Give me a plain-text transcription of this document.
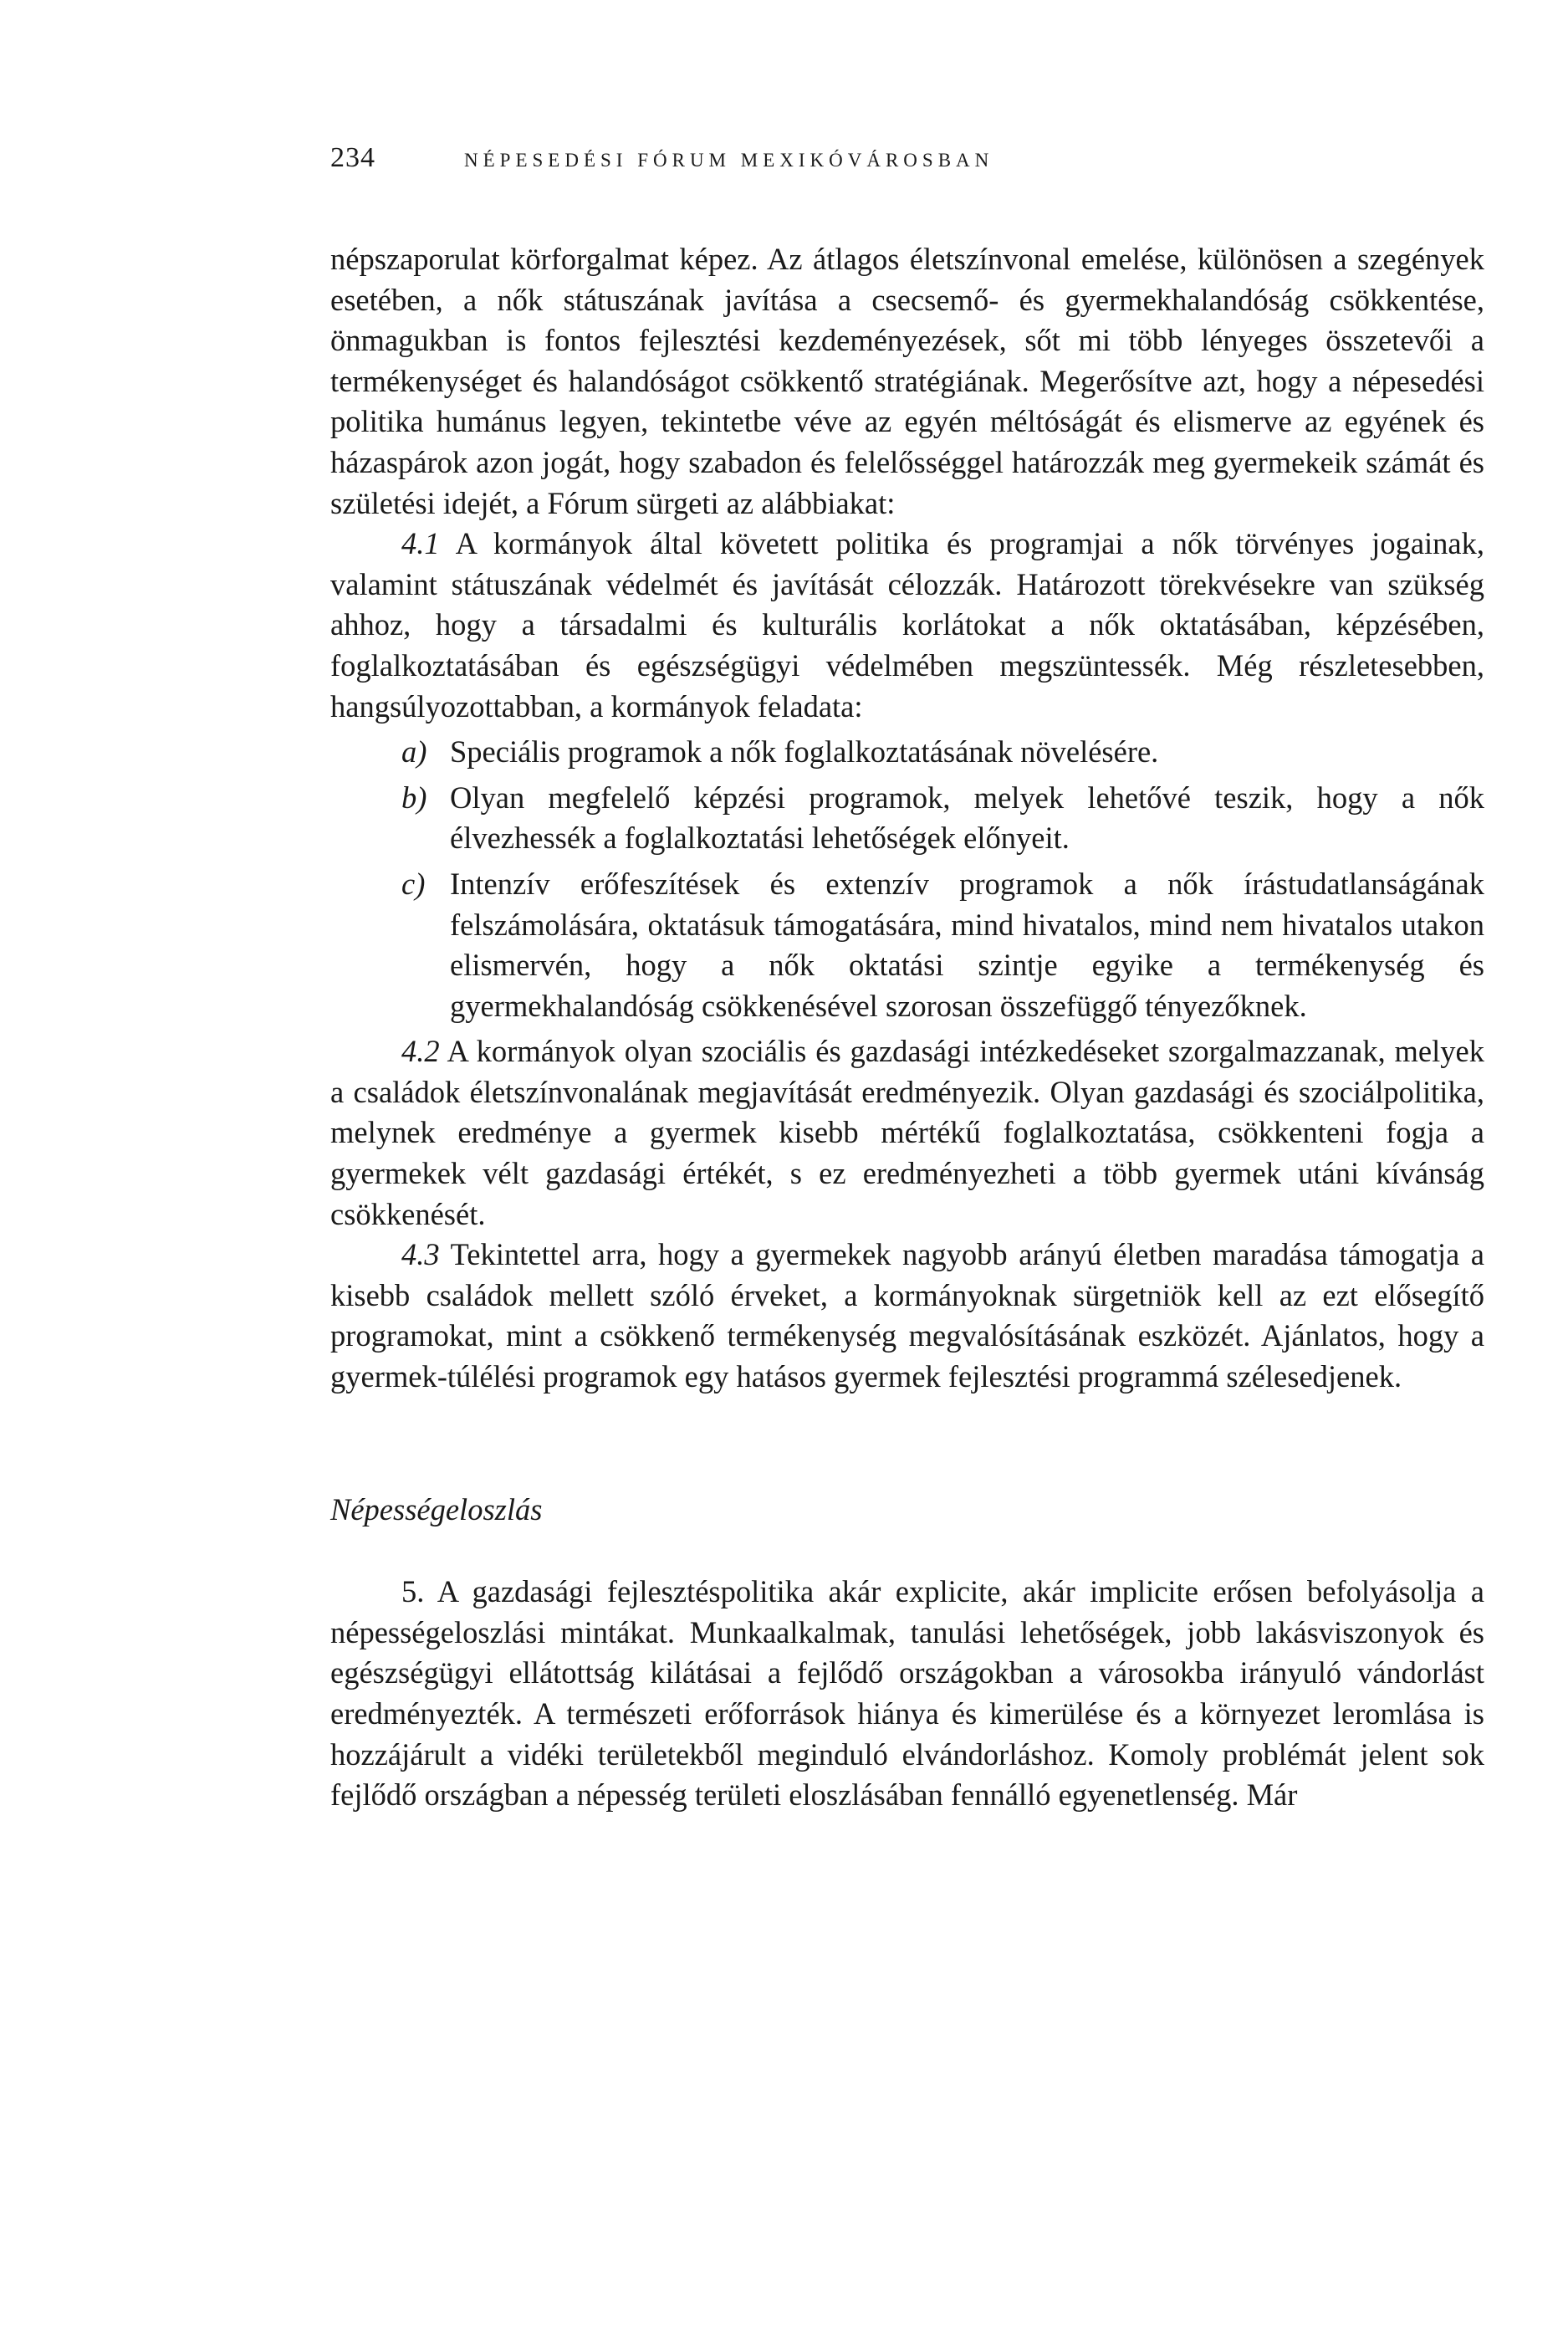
234	NÉPESEDÉSI FÓRUM MEXIKÓVÁROSBAN

népszaporulat körforgalmat képez. Az átlagos életszínvonal emelése, különösen a szegények esetében, a nők státuszának javítása a csecsemő- és gyermekhalandóság csökkentése, önmagukban is fontos fejlesztési kezdeményezések, sőt mi több lényeges összetevői a termékenységet és halandóságot csökkentő stratégiának. Megerősítve azt, hogy a népesedési politika humánus legyen, tekintetbe véve az egyén méltóságát és elismerve az egyének és házaspárok azon jogát, hogy szabadon és felelősséggel határozzák meg gyermekeik számát és születési idejét, a Fórum sürgeti az alábbiakat:

4.1 A kormányok által követett politika és programjai a nők törvényes jogainak, valamint státuszának védelmét és javítását célozzák. Határozott törekvésekre van szükség ahhoz, hogy a társadalmi és kulturális korlátokat a nők oktatásában, képzésében, foglalkoztatásában és egészségügyi védelmében megszüntessék. Még részletesebben, hangsúlyozottabban, a kormányok feladata:

a) Speciális programok a nők foglalkoztatásának növelésére.
b) Olyan megfelelő képzési programok, melyek lehetővé teszik, hogy a nők élvezhessék a foglalkoztatási lehetőségek előnyeit.
c) Intenzív erőfeszítések és extenzív programok a nők írástudatlanságának felszámolására, oktatásuk támogatására, mind hivatalos, mind nem hivatalos utakon elismervén, hogy a nők oktatási szintje egyike a termékenység és gyermekhalandóság csökkenésével szorosan összefüggő tényezőknek.

4.2 A kormányok olyan szociális és gazdasági intézkedéseket szorgalmazzanak, melyek a családok életszínvonalának megjavítását eredményezik. Olyan gazdasági és szociálpolitika, melynek eredménye a gyermek kisebb mértékű foglalkoztatása, csökkenteni fogja a gyermekek vélt gazdasági értékét, s ez eredményezheti a több gyermek utáni kívánság csökkenését.

4.3 Tekintettel arra, hogy a gyermekek nagyobb arányú életben maradása támogatja a kisebb családok mellett szóló érveket, a kormányoknak sürgetniök kell az ezt elősegítő programokat, mint a csökkenő termékenység megvalósításának eszközét. Ajánlatos, hogy a gyermek-túlélési programok egy hatásos gyermek fejlesztési programmá szélesedjenek.

Népességeloszlás

5. A gazdasági fejlesztéspolitika akár explicite, akár implicite erősen befolyásolja a népességeloszlási mintákat. Munkaalkalmak, tanulási lehetőségek, jobb lakásviszonyok és egészségügyi ellátottság kilátásai a fejlődő országokban a városokba irányuló vándorlást eredményezték. A természeti erőforrások hiánya és kimerülése és a környezet leromlása is hozzájárult a vidéki területekből meginduló elvándorláshoz. Komoly problémát jelent sok fejlődő országban a népesség területi eloszlásában fennálló egyenetlenség. Már
